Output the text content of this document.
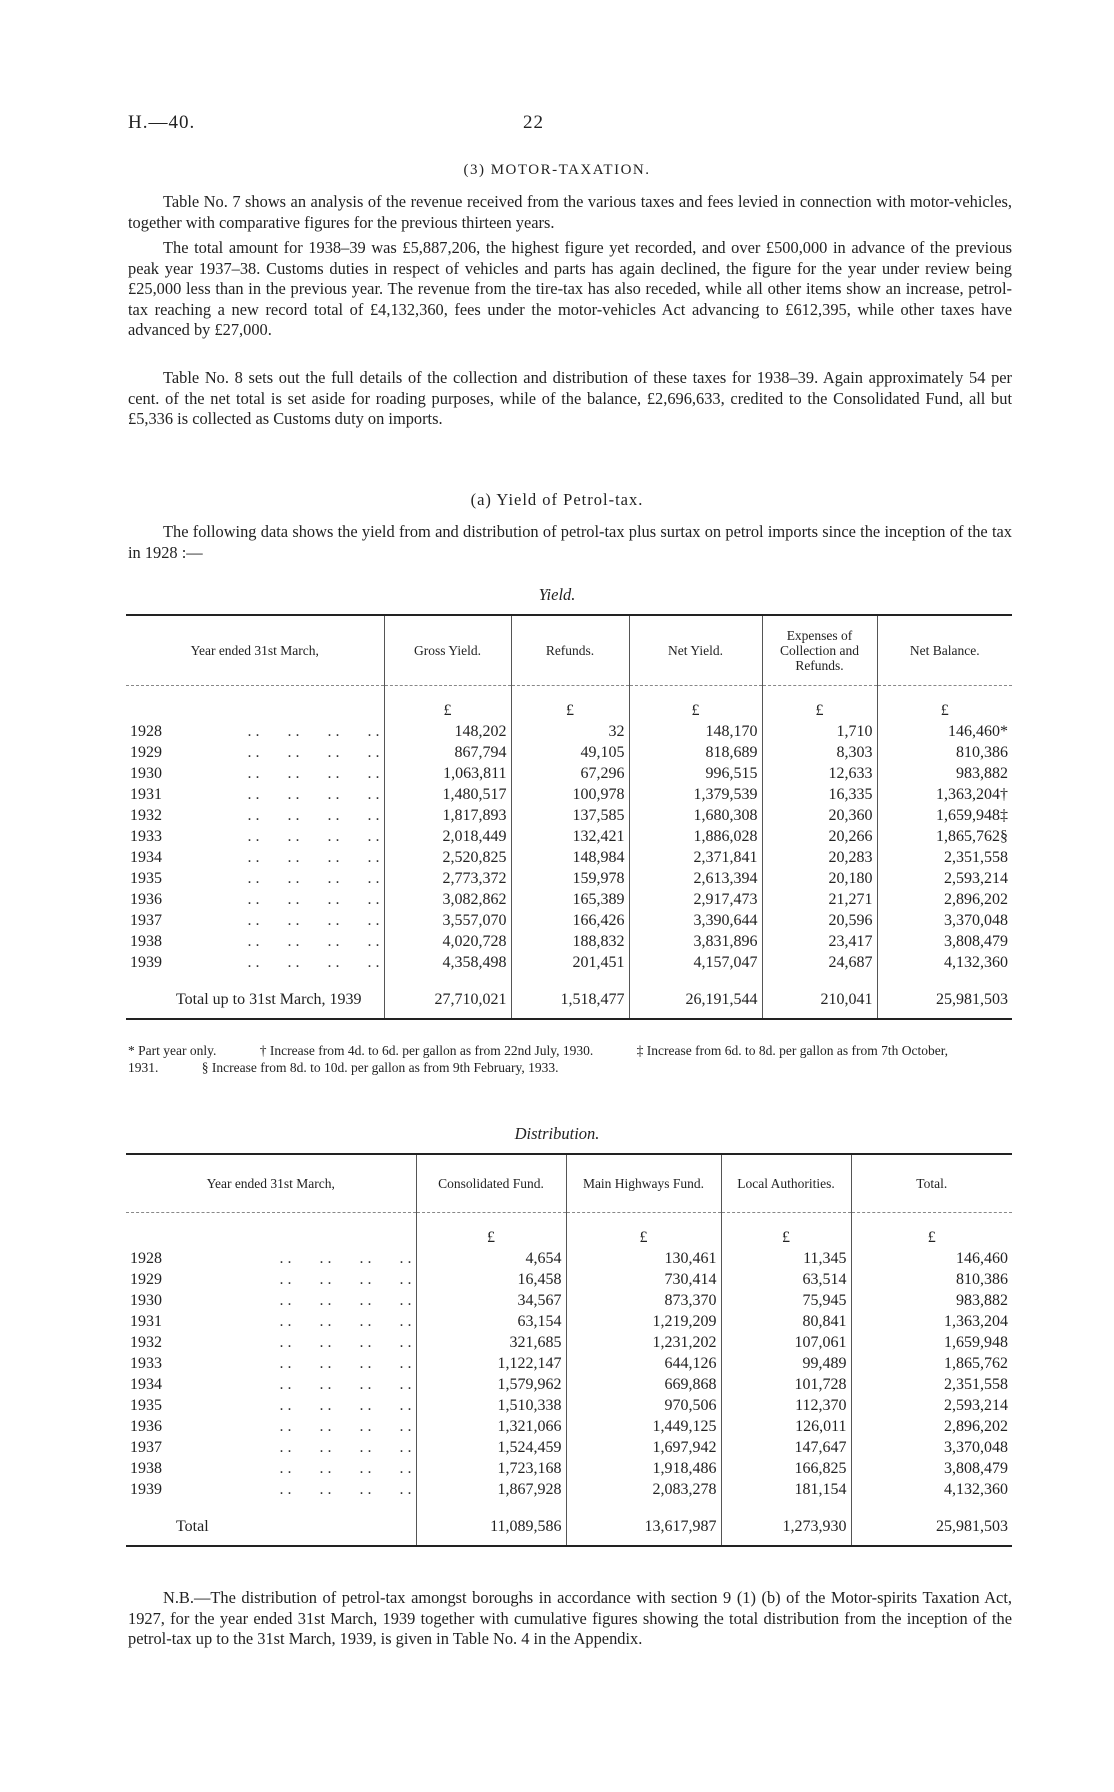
H.—40.	22
(3) MOTOR-TAXATION.

Table No. 7 shows an analysis of the revenue received from the various taxes and fees levied in connection with motor-vehicles, together with comparative figures for the previous thirteen years.

The total amount for 1938–39 was £5,887,206, the highest figure yet recorded, and over £500,000 in advance of the previous peak year 1937–38. Customs duties in respect of vehicles and parts has again declined, the figure for the year under review being £25,000 less than in the previous year. The revenue from the tire-tax has also receded, while all other items show an increase, petrol-tax reaching a new record total of £4,132,360, fees under the motor-vehicles Act advancing to £612,395, while other taxes have advanced by £27,000.

Table No. 8 sets out the full details of the collection and distribution of these taxes for 1938–39. Again approximately 54 per cent. of the net total is set aside for roading purposes, while of the balance, £2,696,633, credited to the Consolidated Fund, all but £5,336 is collected as Customs duty on imports.

(a) Yield of Petrol-tax.

The following data shows the yield from and distribution of petrol-tax plus surtax on petrol imports since the inception of the tax in 1928 :—

Yield.
Year ended 31st March,	Gross Yield.	Refunds.	Net Yield.	Expenses of Collection and Refunds.	Net Balance.
	£	£	£	£	£
1928 . .       . .       . .       . .	148,202	32	148,170	1,710	146,460*
1929 . .       . .       . .       . .	867,794	49,105	818,689	8,303	810,386
1930 . .       . .       . .       . .	1,063,811	67,296	996,515	12,633	983,882
1931 . .       . .       . .       . .	1,480,517	100,978	1,379,539	16,335	1,363,204†
1932 . .       . .       . .       . .	1,817,893	137,585	1,680,308	20,360	1,659,948‡
1933 . .       . .       . .       . .	2,018,449	132,421	1,886,028	20,266	1,865,762§
1934 . .       . .       . .       . .	2,520,825	148,984	2,371,841	20,283	2,351,558
1935 . .       . .       . .       . .	2,773,372	159,978	2,613,394	20,180	2,593,214
1936 . .       . .       . .       . .	3,082,862	165,389	2,917,473	21,271	2,896,202
1937 . .       . .       . .       . .	3,557,070	166,426	3,390,644	20,596	3,370,048
1938 . .       . .       . .       . .	4,020,728	188,832	3,831,896	23,417	3,808,479
1939 . .       . .       . .       . .	4,358,498	201,451	4,157,047	24,687	4,132,360
Total up to 31st March, 1939	27,710,021	1,518,477	26,191,544	210,041	25,981,503
* Part year only.	† Increase from 4d. to 6d. per gallon as from 22nd July, 1930.	‡ Increase from 6d. to 8d. per gallon as from 7th October, 1931.	§ Increase from 8d. to 10d. per gallon as from 9th February, 1933.
Distribution.
Year ended 31st March,	Consolidated Fund.	Main Highways Fund.	Local Authorities.	Total.
	£	£	£	£
1928 . .       . .       . .       . .	4,654	130,461	11,345	146,460
1929 . .       . .       . .       . .	16,458	730,414	63,514	810,386
1930 . .       . .       . .       . .	34,567	873,370	75,945	983,882
1931 . .       . .       . .       . .	63,154	1,219,209	80,841	1,363,204
1932 . .       . .       . .       . .	321,685	1,231,202	107,061	1,659,948
1933 . .       . .       . .       . .	1,122,147	644,126	99,489	1,865,762
1934 . .       . .       . .       . .	1,579,962	669,868	101,728	2,351,558
1935 . .       . .       . .       . .	1,510,338	970,506	112,370	2,593,214
1936 . .       . .       . .       . .	1,321,066	1,449,125	126,011	2,896,202
1937 . .       . .       . .       . .	1,524,459	1,697,942	147,647	3,370,048
1938 . .       . .       . .       . .	1,723,168	1,918,486	166,825	3,808,479
1939 . .       . .       . .       . .	1,867,928	2,083,278	181,154	4,132,360
Total	11,089,586	13,617,987	1,273,930	25,981,503

N.B.—The distribution of petrol-tax amongst boroughs in accordance with section 9 (1) (b) of the Motor-spirits Taxation Act, 1927, for the year ended 31st March, 1939 together with cumulative figures showing the total distribution from the inception of the petrol-tax up to the 31st March, 1939, is given in Table No. 4 in the Appendix.
